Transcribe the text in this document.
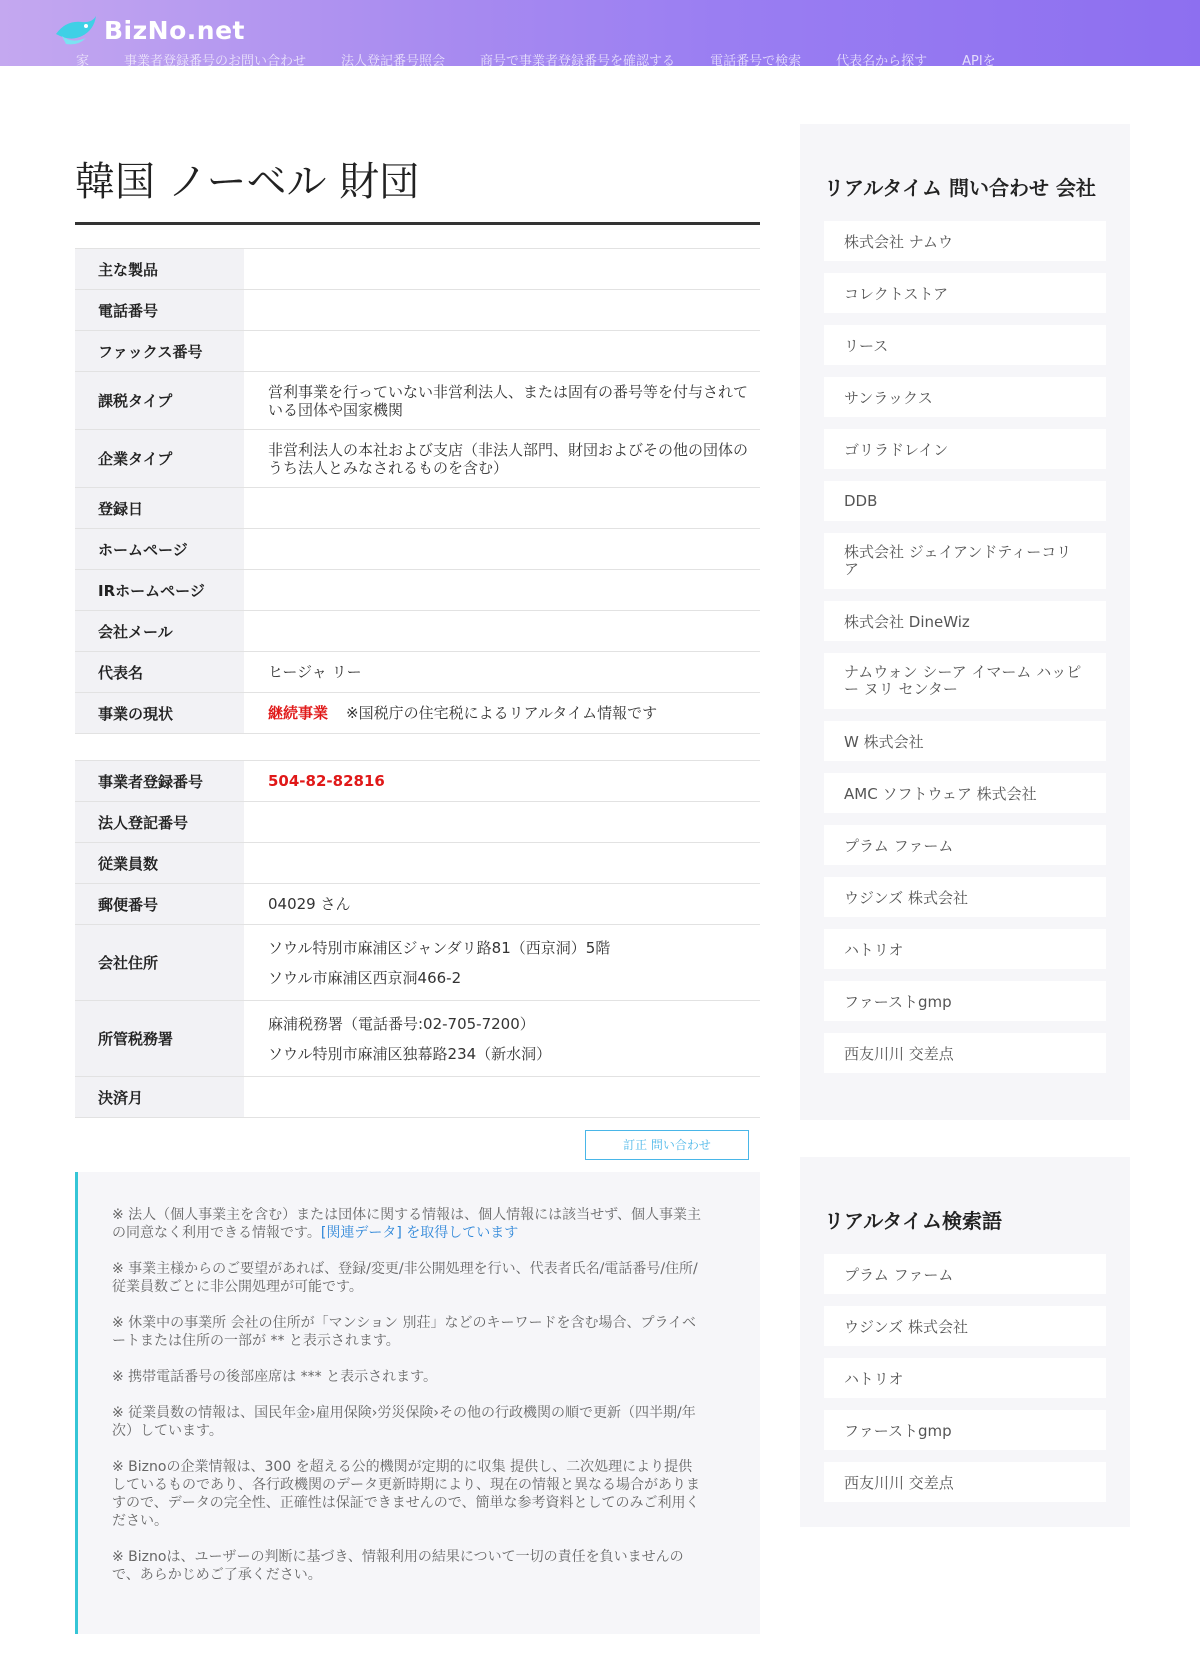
BizNo.net
家	事業者登録番号のお問い合わせ	法人登記番号照会	商号で事業者登録番号を確認する	電話番号で検索	代表名から探す	APIを
韓国 ノーベル 財団
主な製品	
電話番号	
ファックス番号	
課税タイプ	営利事業を行っていない非営利法人、または固有の番号等を付与されている団体や国家機関
企業タイプ	非営利法人の本社および支店（非法人部門、財団およびその他の団体のうち法人とみなされるものを含む）
登録日	
ホームページ	
IRホームページ	
会社メール	
代表名	ヒージャ リー
事業の現状	継続事業 ※国税庁の住宅税によるリアルタイム情報です
事業者登録番号	504-82-82816
法人登記番号	
従業員数	
郵便番号	04029 さん
会社住所	ソウル特別市麻浦区ジャンダリ路81（西京洞）5階
ソウル市麻浦区西京洞466-2

所管税務署	麻浦税務署（電話番号:02-705-7200）
ソウル特別市麻浦区独幕路234（新水洞）

決済月	
訂正 問い合わせ

※ 法人（個人事業主を含む）または団体に関する情報は、個人情報には該当せず、個人事業主の同意なく利用できる情報です。[関連データ] を取得しています

※ 事業主様からのご要望があれば、登録/変更/非公開処理を行い、代表者氏名/電話番号/住所/従業員数ごとに非公開処理が可能です。

※ 休業中の事業所 会社の住所が「マンション 別荘」などのキーワードを含む場合、プライベートまたは住所の一部が ** と表示されます。

※ 携帯電話番号の後部座席は *** と表示されます。

※ 従業員数の情報は、国民年金›雇用保険›労災保険›その他の行政機関の順で更新（四半期/年次）しています。

※ Biznoの企業情報は、300 を超える公的機関が定期的に収集 提供し、二次処理により提供しているものであり、各行政機関のデータ更新時期により、現在の情報と異なる場合がありますので、データの完全性、正確性は保証できませんので、簡単な参考資料としてのみご利用ください。

※ Biznoは、ユーザーの判断に基づき、情報利用の結果について一切の責任を負いませんので、あらかじめご了承ください。

リアルタイム 問い合わせ 会社
株式会社 ナムウ
コレクトストア
リース
サンラックス
ゴリラドレイン
DDB
株式会社 ジェイアンドティーコリア
株式会社 DineWiz
ナムウォン シーア イマーム ハッピー ヌリ センター
W 株式会社
AMC ソフトウェア 株式会社
プラム ファーム
ウジンズ 株式会社
ハトリオ
ファーストgmp
西友川川 交差点
リアルタイム検索語
プラム ファーム
ウジンズ 株式会社
ハトリオ
ファーストgmp
西友川川 交差点
